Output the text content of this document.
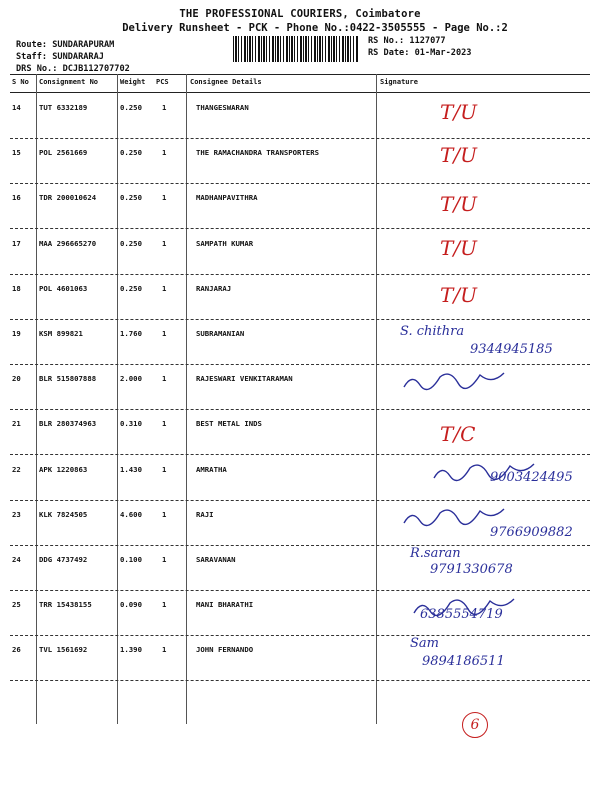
THE PROFESSIONAL COURIERS, Coimbatore
Delivery Runsheet - PCK - Phone No.:0422-3505555 - Page No.:2
Route: SUNDARAPURAM
Staff: SUNDARARAJ
DRS No.: DCJB112707702
RS No.: 1127077
RS Date: 01-Mar-2023
S No Consignment No	Weight PCS	Consignee Details	Signature
14 TUT 6332189	0.250	1	THANGESWARAN	T/U
15 POL 2561669	0.250	1	THE RAMACHANDRA TRANSPORTERS	T/U
16 TDR 200010624	0.250	1	MADHANPAVITHRA	T/U
17 MAA 296665270	0.250	1	SAMPATH KUMAR	T/U
18 POL 4601063	0.250	1	RANJARAJ	T/U
19 KSM 899821	1.760	1	SUBRAMANIAN	S. chithra
9344945185
20 BLR 515807888	2.000	1	RAJESWARI VENKITARAMAN
21 BLR 280374963	0.310	1	BEST METAL INDS	T/C
22 APK 1220863	1.430	1	AMRATHA
9003424495
23 KLK 7824505	4.600	1	RAJI
9766909882
24 DDG 4737492	0.100	1	SARAVANAN	R.saran
9791330678
25 TRR 15438155	0.090	1	MANI BHARATHI
6385554719
26 TVL 1561692	1.390	1	JOHN FERNANDO	Sam
9894186511
6
